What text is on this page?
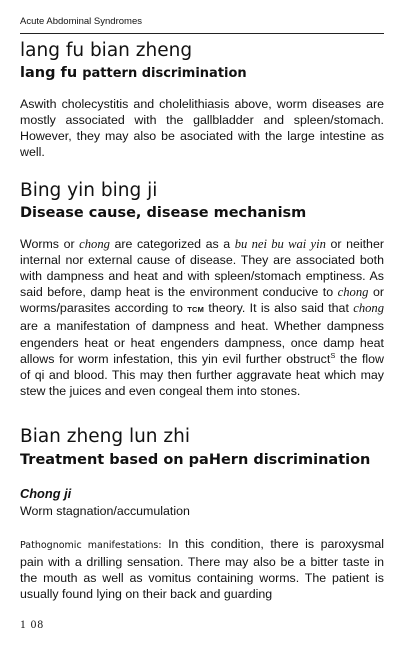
Acute Abdominal Syndromes
lang fu bian zheng
lang fu pattern discrimination

Aswith cholecystitis and cholelithiasis above, worm diseases are mostly associated with the gallbladder and spleen/stomach. However, they may also be asociated with the large intestine as well.

Bing yin bing ji
Disease cause, disease mechanism

Worms or chong are categorized as a bu nei bu wai yin or neither internal nor external cause of disease. They are associated both with dampness and heat and with spleen/stomach emptiness. As said before, damp heat is the environment conducive to chong or worms/parasites according to TCM theory. It is also said that chong are a manifestation of dampness and heat. Whether dampness engenders heat or heat engenders dampness, once damp heat allows for worm infestation, this yin evil further obstruct$^S$ the flow of qi and blood. This may then further aggravate heat which may stew the juices and even congeal them into stones.

Bian zheng lun zhi
Treatment based on paHern discrimination

Chong ji

Worm stagnation/accumulation

Pathognomic manifestations: In this condition, there is paroxysmal pain with a drilling sensation. There may also be a bitter taste in the mouth as well as vomitus containing worms. The patient is usually found lying on their back and guarding

1 08
